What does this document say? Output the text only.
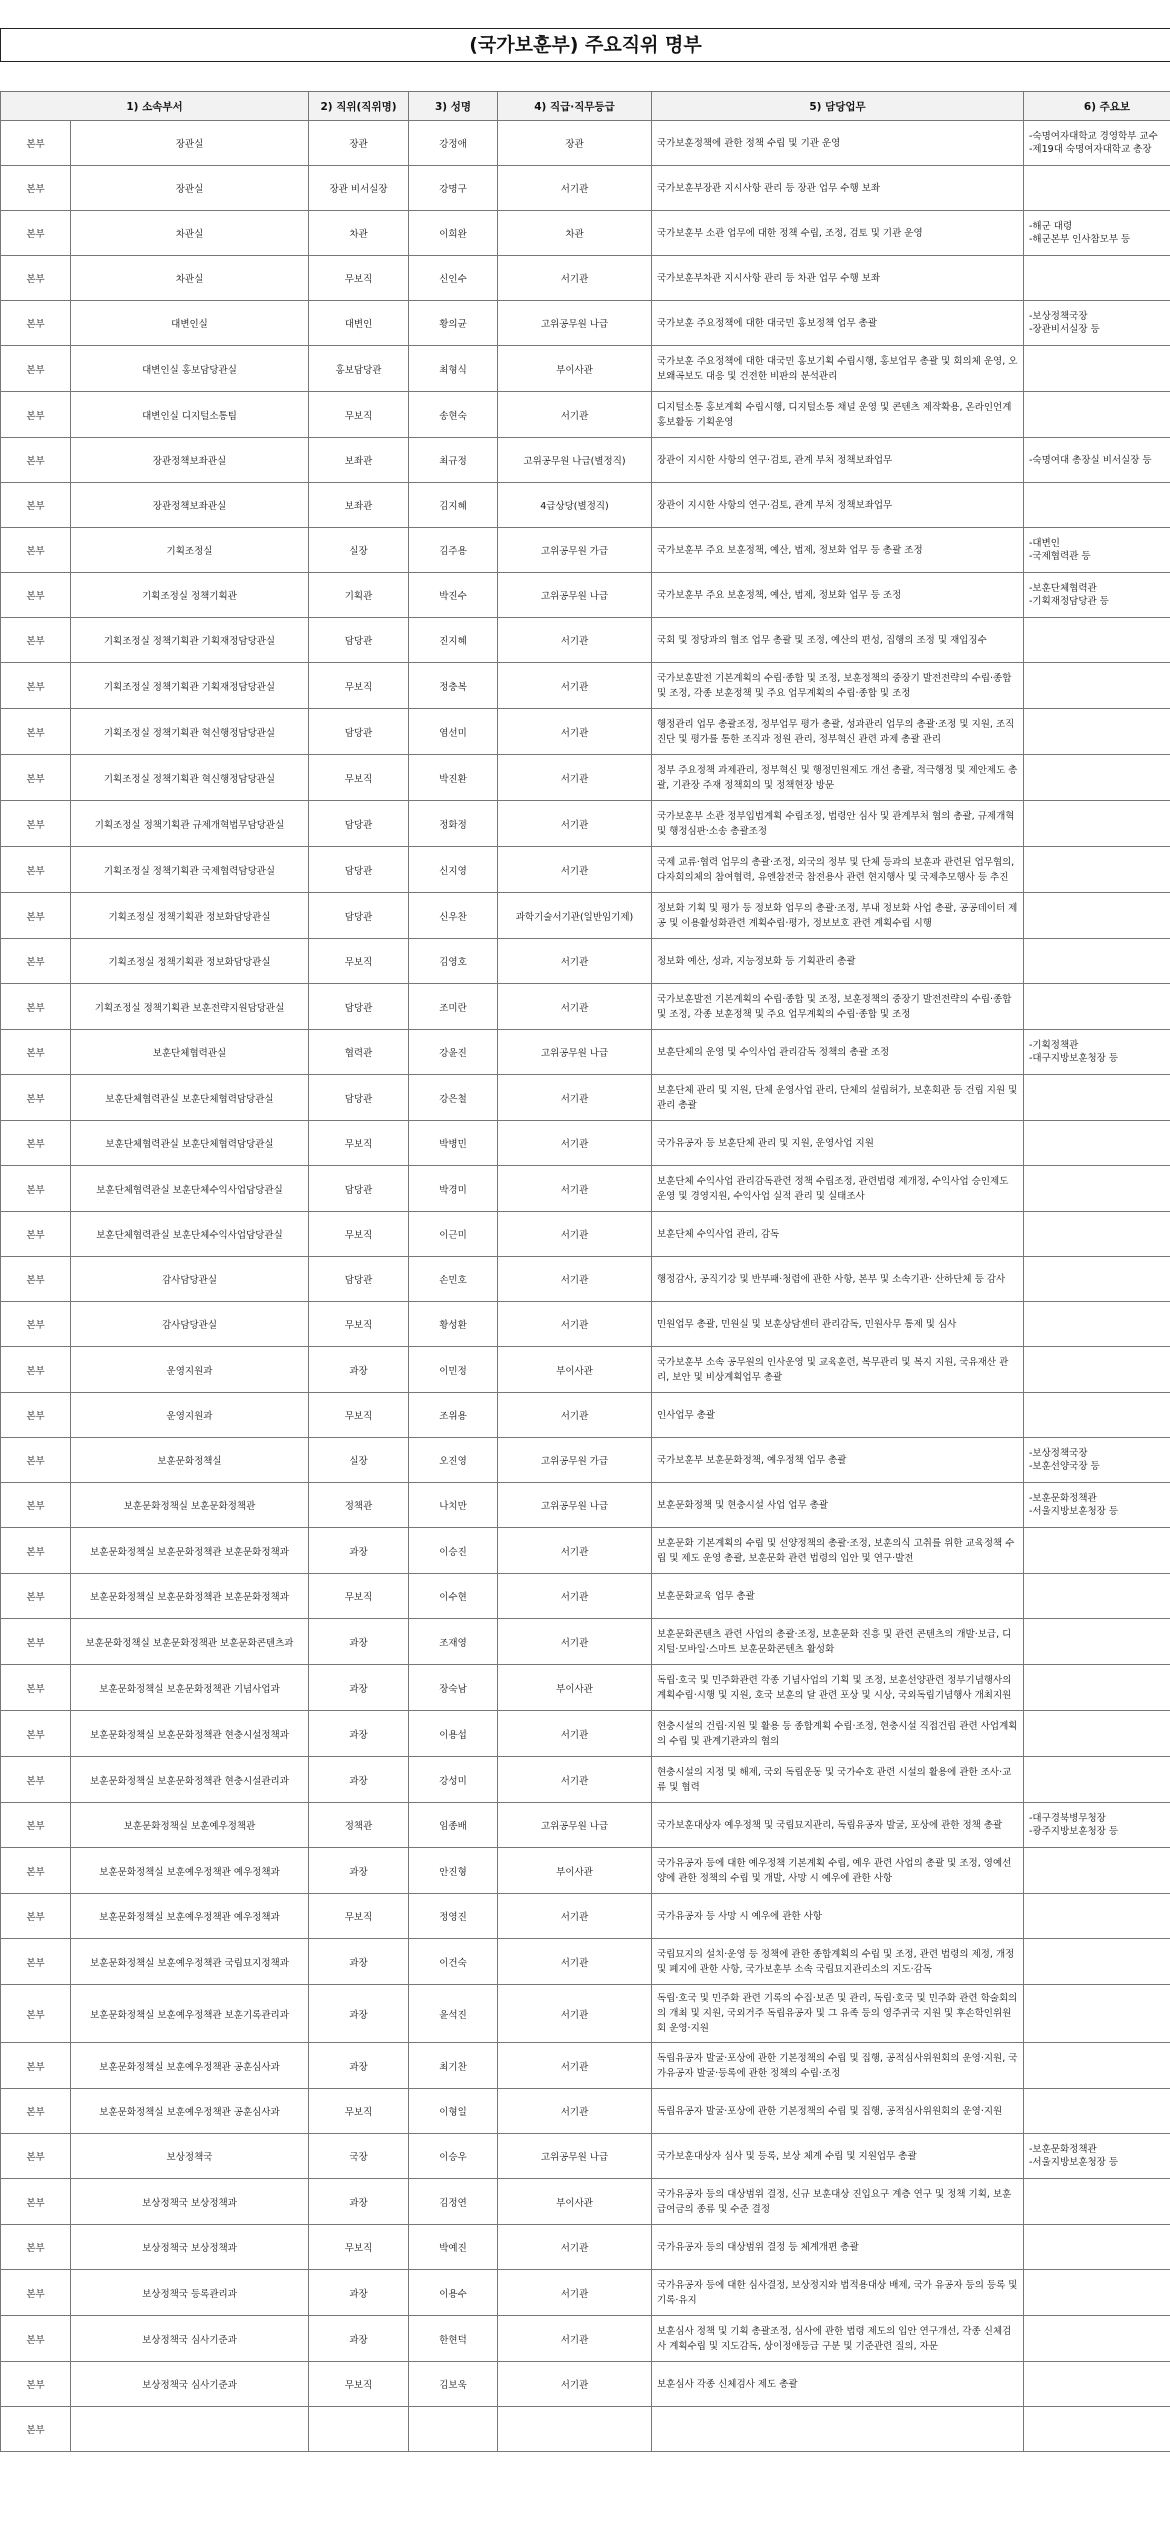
(국가보훈부) 주요직위 명부
1) 소속부서		2) 직위(직위명)	3) 성명	4) 직급·직무등급	5) 담당업무	6) 주요보
본부	장관실	장관	강정애	장관	국가보훈정책에 관한 정책 수립 및 기관 운영	-숙명여자대학교 경영학부 교수
-제19대 숙명여자대학교 총장
본부	장관실	장관 비서실장	강명구	서기관	국가보훈부장관 지시사항 관리 등 장관 업무 수행 보좌	
본부	차관실	차관	이희완	차관	국가보훈부 소관 업무에 대한 정책 수립, 조정, 검토 및 기관 운영	-해군 대령
-해군본부 인사참모부 등
본부	차관실	무보직	신인수	서기관	국가보훈부차관 지시사항 관리 등 차관 업무 수행 보좌	
본부	대변인실	대변인	황의균	고위공무원 나급	국가보훈 주요정책에 대한 대국민 홍보정책 업무 총괄	-보상정책국장
-장관비서실장 등
본부	대변인실 홍보담당관실	홍보담당관	최형식	부이사관	국가보훈 주요정책에 대한 대국민 홍보기획 수립시행, 홍보업무 총괄 및 회의체 운영, 오보왜곡보도 대응 및 건전한 비판의 분석관리	
본부	대변인실 디지털소통팀	무보직	송현숙	서기관	디지털소통 홍보계획 수립시행, 디지털소통 채널 운영 및 콘텐츠 제작확용, 온라인언계 홍보활동 기획운영	
본부	장관정책보좌관실	보좌관	최규정	고위공무원 나급(별정직)	장관이 지시한 사항의 연구·검토, 관계 부처 정책보좌업무	-숙명여대 총장실 비서실장 등
본부	장관정책보좌관실	보좌관	김지혜	4급상당(별정직)	장관이 지시한 사항의 연구·검토, 관계 부처 정책보좌업무	
본부	기획조정실	실장	김주용	고위공무원 가급	국가보훈부 주요 보훈정책, 예산, 법제, 정보화 업무 등 총괄 조정	-대변인
-국제협력관 등
본부	기획조정실 정책기획관	기획관	박진수	고위공무원 나급	국가보훈부 주요 보훈정책, 예산, 법제, 정보화 업무 등 조정	-보훈단체협력관
-기획재정담당관 등
본부	기획조정실 정책기획관 기획재정담당관실	담당관	진지혜	서기관	국회 및 정당과의 협조 업무 총괄 및 조정, 예산의 편성, 집행의 조정 및 재입징수	
본부	기획조정실 정책기획관 기획재정담당관실	무보직	정충복	서기관	국가보훈발전 기본계획의 수립·종합 및 조정, 보훈정책의 중장기 발전전략의 수립·종합 및 조정, 각종 보훈정책 및 주요 업무계획의 수립·종합 및 조정	
본부	기획조정실 정책기획관 혁신행정담당관실	담당관	염선미	서기관	행정관리 업무 총괄조정, 정부업무 평가 총괄, 성과관리 업무의 총괄·조정 및 지원, 조직진단 및 평가를 통한 조직과 정원 관리, 정부혁신 관련 과제 총괄 관리	
본부	기획조정실 정책기획관 혁신행정담당관실	무보직	박진환	서기관	정부 주요정책 과제관리, 정부혁신 및 행정민원제도 개선 총괄, 적극행정 및 제안제도 총괄, 기관장 주재 정책회의 및 정책현장 방문	
본부	기획조정실 정책기획관 규제개혁법무담당관실	담당관	정화정	서기관	국가보훈부 소관 정부입법계획 수립조정, 법령안 심사 및 관계부처 협의 총괄, 규제개혁 및 행정심판·소송 총괄조정	
본부	기획조정실 정책기획관 국제협력담당관실	담당관	신지영	서기관	국제 교류·협력 업무의 총괄·조정, 외국의 정부 및 단체 등과의 보훈과 관련된 업무협의, 다자회의체의 참여협력, 유엔참전국 참전용사 관련 현지행사 및 국제추모행사 등 추진	
본부	기획조정실 정책기획관 정보화담당관실	담당관	신우찬	과학기술서기관(일반임기제)	정보화 기획 및 평가 등 정보화 업무의 총괄·조정, 부내 정보화 사업 총괄, 공공데이터 제공 및 이용활성화관련 계획수립·평가, 정보보호 관련 계획수립 시행	
본부	기획조정실 정책기획관 정보화담당관실	무보직	김영호	서기관	정보화 예산, 성과, 지능정보화 등 기획관리 총괄	
본부	기획조정실 정책기획관 보훈전략지원담당관실	담당관	조미란	서기관	국가보훈발전 기본계획의 수립·종합 및 조정, 보훈정책의 중장기 발전전략의 수립·종합 및 조정, 각종 보훈정책 및 주요 업무계획의 수립·종합 및 조정	
본부	보훈단체협력관실	협력관	강윤진	고위공무원 나급	보훈단체의 운영 및 수익사업 관리감독 정책의 총괄 조정	-기획정책관
-대구지방보훈청장 등
본부	보훈단체협력관실 보훈단체협력담당관실	담당관	강은철	서기관	보훈단체 관리 및 지원, 단체 운영사업 관리, 단체의 설립허가, 보훈회관 등 건립 지원 및 관리 총괄	
본부	보훈단체협력관실 보훈단체협력담당관실	무보직	박병민	서기관	국가유공자 등 보훈단체 관리 및 지원, 운영사업 지원	
본부	보훈단체협력관실 보훈단체수익사업담당관실	담당관	박경미	서기관	보훈단체 수익사업 관리감독관련 정책 수립조정, 관련법령 제개정, 수익사업 승인제도 운영 및 경영지원, 수익사업 실적 관리 및 실태조사	
본부	보훈단체협력관실 보훈단체수익사업담당관실	무보직	이근미	서기관	보훈단체 수익사업 관리, 감독	
본부	감사담당관실	담당관	손민호	서기관	행정감사, 공직기강 및 반부패·청렴에 관한 사항, 본부 및 소속기관· 산하단체 등 감사	
본부	감사담당관실	무보직	황성환	서기관	민원업무 총괄, 민원실 및 보훈상담센터 관리감독, 민원사무 통제 및 심사	
본부	운영지원과	과장	이민정	부이사관	국가보훈부 소속 공무원의 인사운영 및 교육훈련, 복무관리 및 복지 지원, 국유재산 관리, 보안 및 비상계획업무 총괄	
본부	운영지원과	무보직	조위용	서기관	인사업무 총괄	
본부	보훈문화정책실	실장	오진영	고위공무원 가급	국가보훈부 보훈문화정책, 예우정책 업무 총괄	-보상정책국장
-보훈선양국장 등
본부	보훈문화정책실 보훈문화정책관	정책관	나치만	고위공무원 나급	보훈문화정책 및 현충시설 사업 업무 총괄	-보훈문화정책관
-서울지방보훈청장 등
본부	보훈문화정책실 보훈문화정책관 보훈문화정책과	과장	이승진	서기관	보훈문화 기본계획의 수립 및 선양정책의 총괄·조정, 보훈의식 고취를 위한 교육정책 수립 및 제도 운영 총괄, 보훈문화 관련 법령의 입안 및 연구·발전	
본부	보훈문화정책실 보훈문화정책관 보훈문화정책과	무보직	이수현	서기관	보훈문화교육 업무 총괄	
본부	보훈문화정책실 보훈문화정책관 보훈문화콘텐츠과	과장	조재영	서기관	보훈문화콘텐츠 관련 사업의 총괄·조정, 보훈문화 진흥 및 관련 콘텐츠의 개발·보급, 디지털·모바일·스마트 보훈문화콘텐츠 활성화	
본부	보훈문화정책실 보훈문화정책관 기념사업과	과장	장숙남	부이사관	독립·호국 및 민주화관련 각종 기념사업의 기획 및 조정, 보훈선양관련 정부기념행사의 계획수립·시행 및 지원, 호국 보훈의 달 관련 포상 및 시상, 국외독립기념행사 개최지원	
본부	보훈문화정책실 보훈문화정책관 현충시설정책과	과장	이용섭	서기관	현충시설의 건립·지원 및 활용 등 종합계획 수립·조정, 현충시설 직접건립 관련 사업계획의 수립 및 관계기관과의 협의	
본부	보훈문화정책실 보훈문화정책관 현충시설관리과	과장	강성미	서기관	현충시설의 지정 및 해제, 국외 독립운동 및 국가수호 관련 시설의 활용에 관한 조사·교류 및 협력	
본부	보훈문화정책실 보훈예우정책관	정책관	임종배	고위공무원 나급	국가보훈대상자 예우정책 및 국립묘지관리, 독립유공자 발굴, 포상에 관한 정책 총괄	-대구경북병무청장
-광주지방보훈청장 등
본부	보훈문화정책실 보훈예우정책관 예우정책과	과장	안진형	부이사관	국가유공자 등에 대한 예우정책 기본계획 수립, 예우 관련 사업의 총괄 및 조정, 영예선양에 관한 정책의 수립 및 개발, 사망 시 예우에 관한 사항	
본부	보훈문화정책실 보훈예우정책관 예우정책과	무보직	정영진	서기관	국가유공자 등 사망 시 예우에 관한 사항	
본부	보훈문화정책실 보훈예우정책관 국립묘지정책과	과장	이건숙	서기관	국립묘지의 설치·운영 등 정책에 관한 종합계획의 수립 및 조정, 관련 법령의 제정, 개정 및 폐지에 관한 사항, 국가보훈부 소속 국립묘지관리소의 지도·감독	
본부	보훈문화정책실 보훈예우정책관 보훈기록관리과	과장	윤석진	서기관	독립·호국 및 민주화 관련 기록의 수집·보존 및 관리, 독립·호국 및 민주화 관련 학술회의의 개최 및 지원, 국외거주 독립유공자 및 그 유족 등의 영주귀국 지원 및 후손학인위원회 운영·지원	
본부	보훈문화정책실 보훈예우정책관 공훈심사과	과장	최기찬	서기관	독립유공자 발굴·포상에 관한 기본정책의 수립 및 집행, 공적심사위원회의 운영·지원, 국가유공자 발굴·등록에 관한 정책의 수립·조정	
본부	보훈문화정책실 보훈예우정책관 공훈심사과	무보직	이형일	서기관	독립유공자 발굴·포상에 관한 기본정책의 수립 및 집행, 공적심사위원회의 운영·지원	
본부	보상정책국	국장	이승우	고위공무원 나급	국가보훈대상자 심사 및 등록, 보상 체계 수립 및 지원업무 총괄	-보훈문화정책관
-서울지방보훈청장 등
본부	보상정책국 보상정책과	과장	김정연	부이사관	국가유공자 등의 대상범위 결정, 신규 보훈대상 진입요구 계층 연구 및 정책 기획, 보훈급여금의 종류 및 수준 결정	
본부	보상정책국 보상정책과	무보직	박예진	서기관	국가유공자 등의 대상범위 결정 등 체계개편 총괄	
본부	보상정책국 등록관리과	과장	이용수	서기관	국가유공자 등에 대한 심사결정, 보상정지와 법적용대상 배제, 국가 유공자 등의 등록 및 기록·유지	
본부	보상정책국 심사기준과	과장	한현덕	서기관	보훈심사 정책 및 기획 총괄조정, 심사에 관한 법령 제도의 입안 연구개선, 각종 신체검사 계획수립 및 지도감독, 상이정애등급 구분 및 기준관련 질의, 자문	
본부	보상정책국 심사기준과	무보직	김보욱	서기관	보훈심사 각종 신체검사 제도 총괄	
본부						
